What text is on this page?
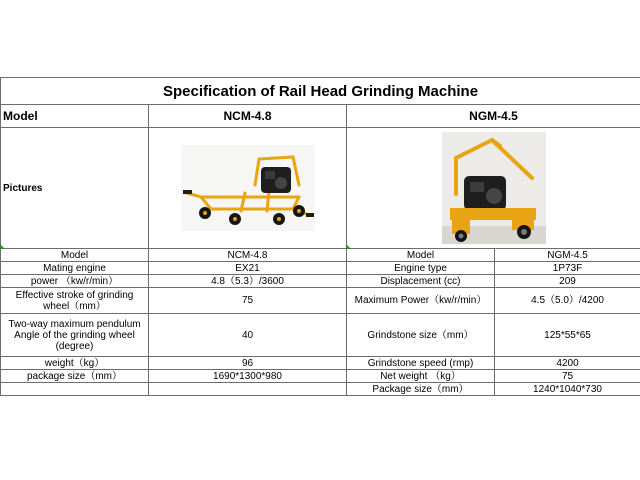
Specification of Rail Head Grinding Machine			
Model	NCM-4.8	NGM-4.5	
Pictures	

Model	NCM-4.8	Model	NGM-4.5
Mating engine	EX21	Engine type	1P73F
power （kw/r/min）	4.8（5.3）/3600	Displacement (cc)	209
Effective stroke of grinding wheel（mm）	75	Maximum Power（kw/r/min）	4.5（5.0）/4200
Two-way maximum pendulum Angle of the grinding wheel (degree)	40	Grindstone size（mm）	125*55*65
weight（kg）	96	Grindstone speed (rmp)	4200
package size（mm）	1690*1300*980	Net weight （kg）	75
		Package size（mm）	1240*1040*730
